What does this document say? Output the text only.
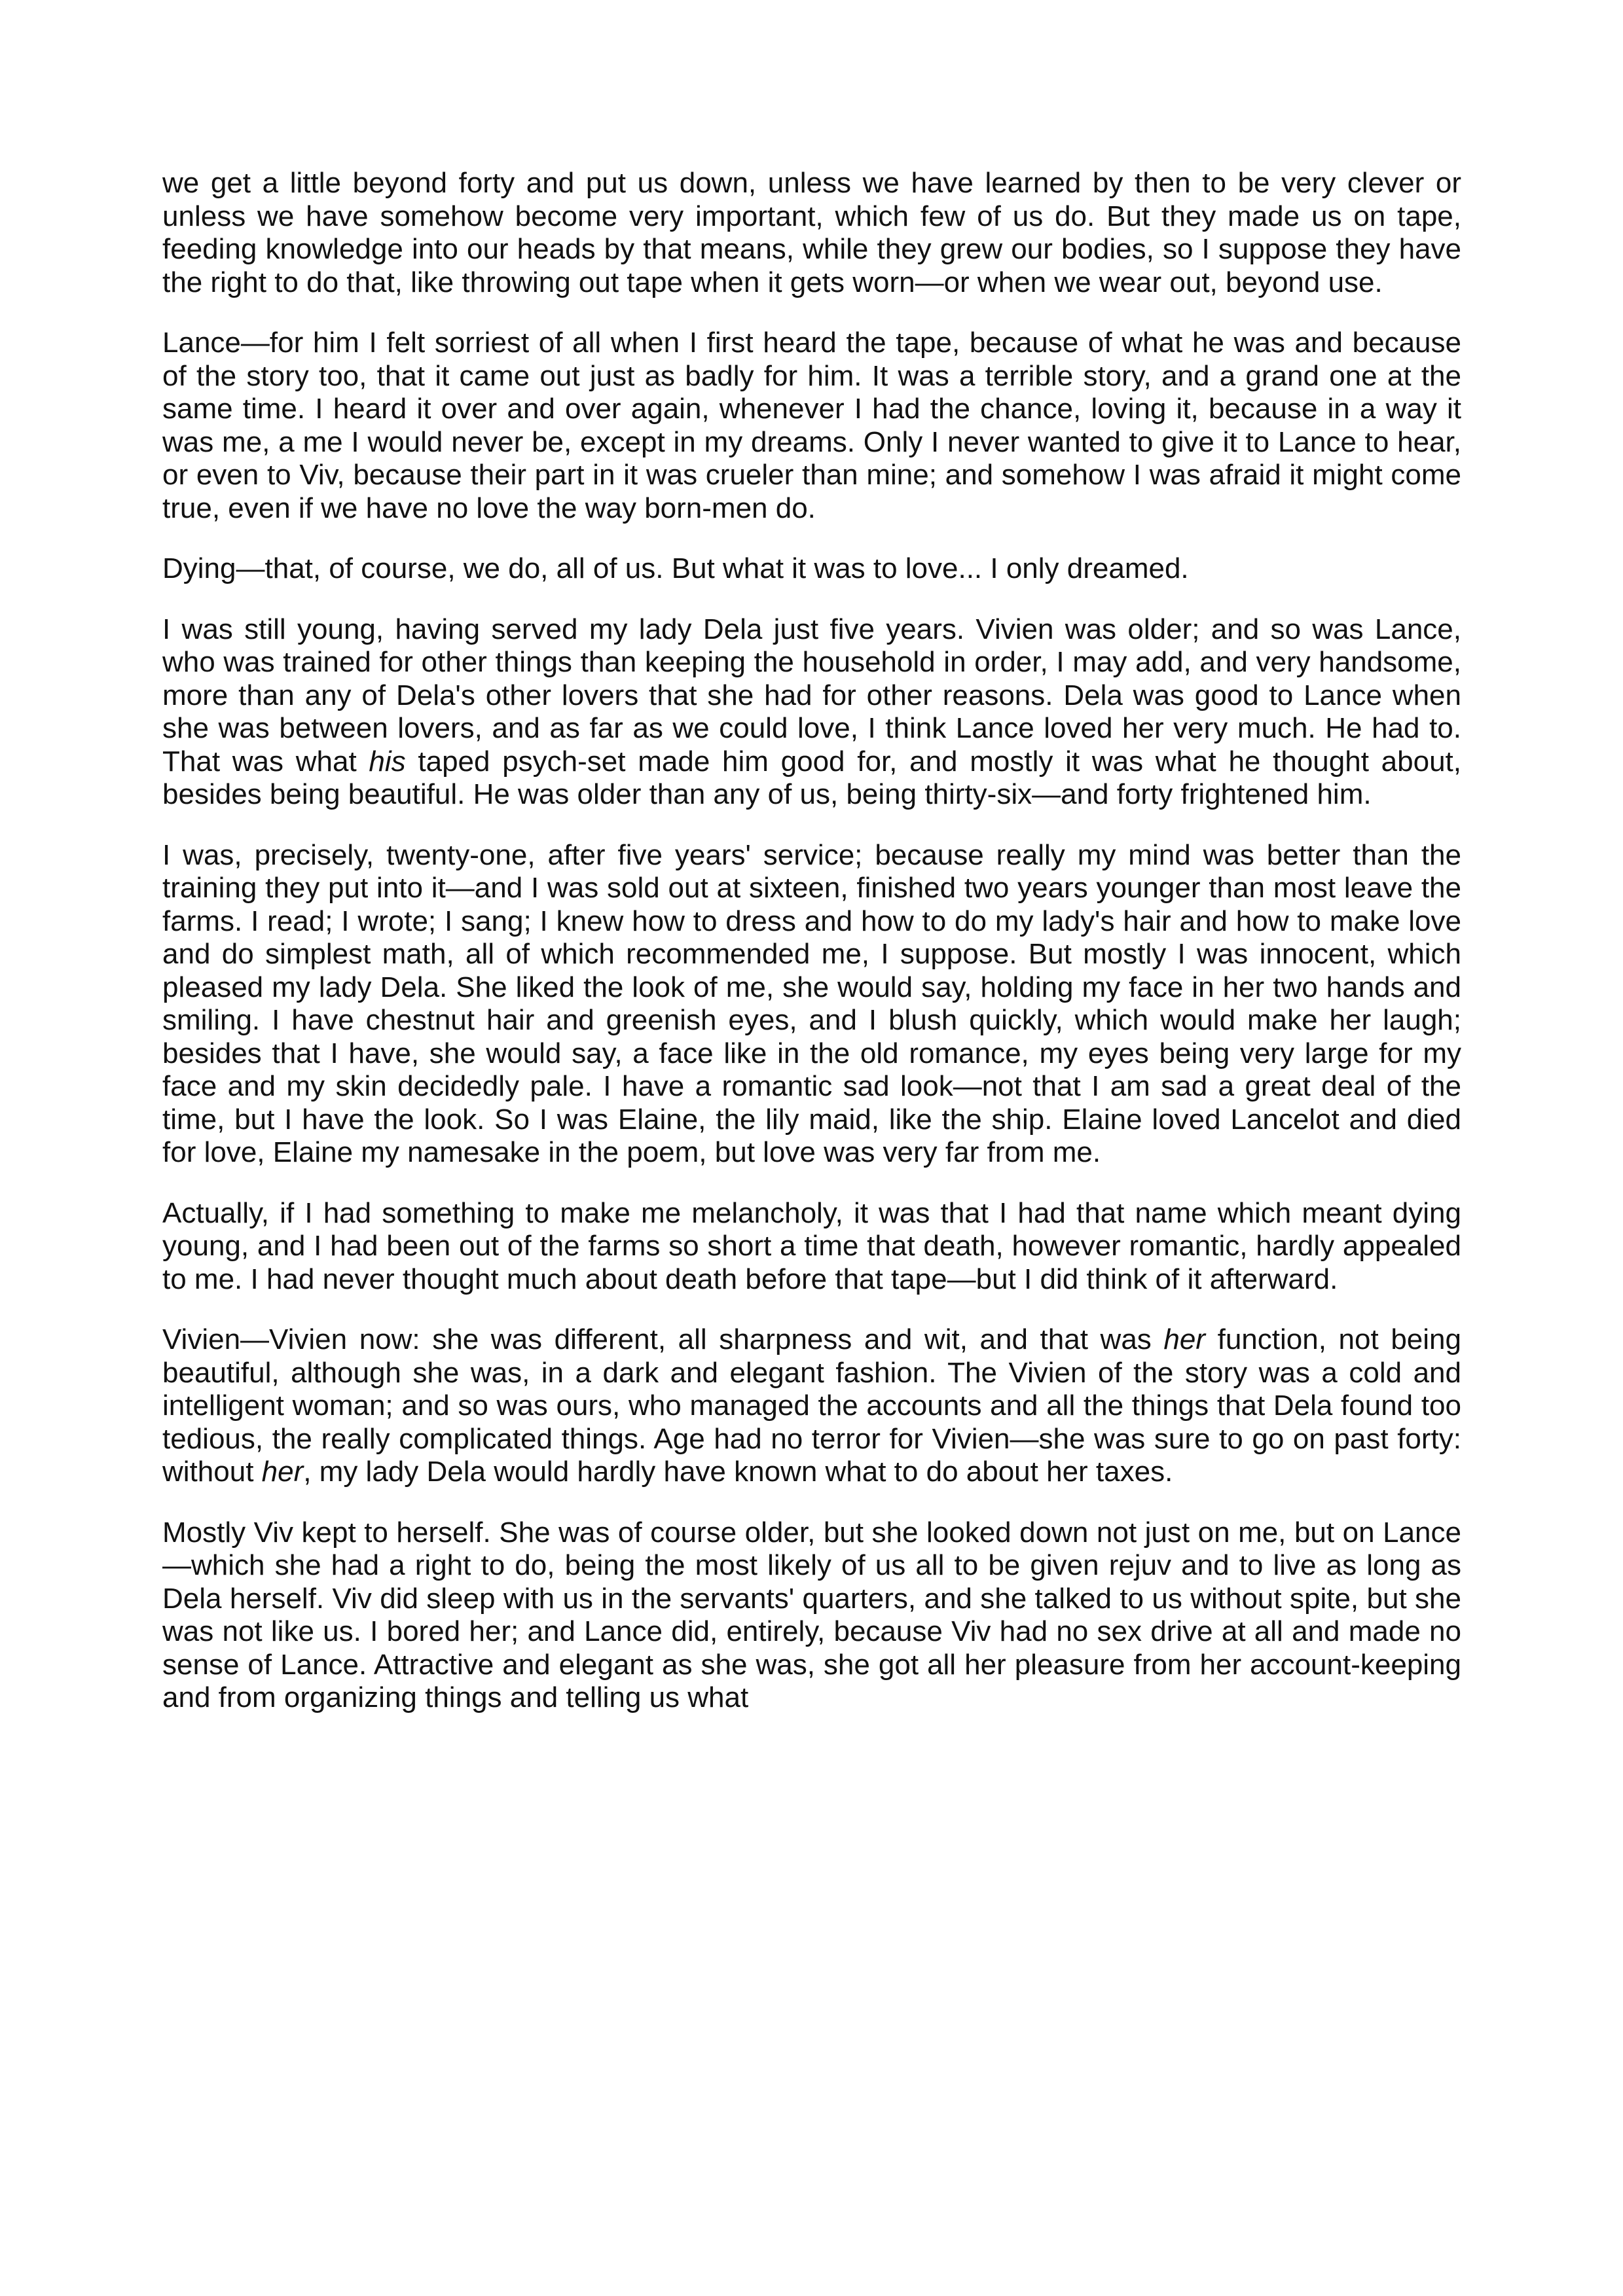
we get a little beyond forty and put us down, unless we have learned by then to be very clever or unless we have somehow become very important, which few of us do. But they made us on tape, feeding knowledge into our heads by that means, while they grew our bodies, so I suppose they have the right to do that, like throwing out tape when it gets worn—or when we wear out, beyond use.

Lance—for him I felt sorriest of all when I first heard the tape, because of what he was and because of the story too, that it came out just as badly for him. It was a terrible story, and a grand one at the same time. I heard it over and over again, whenever I had the chance, loving it, because in a way it was me, a me I would never be, except in my dreams. Only I never wanted to give it to Lance to hear, or even to Viv, because their part in it was crueler than mine; and somehow I was afraid it might come true, even if we have no love the way born-men do.

Dying—that, of course, we do, all of us. But what it was to love... I only dreamed.

I was still young, having served my lady Dela just five years. Vivien was older; and so was Lance, who was trained for other things than keeping the household in order, I may add, and very handsome, more than any of Dela's other lovers that she had for other reasons. Dela was good to Lance when she was between lovers, and as far as we could love, I think Lance loved her very much. He had to. That was what his taped psych-set made him good for, and mostly it was what he thought about, besides being beautiful. He was older than any of us, being thirty-six—and forty frightened him.

I was, precisely, twenty-one, after five years' service; because really my mind was better than the training they put into it—and I was sold out at sixteen, finished two years younger than most leave the farms. I read; I wrote; I sang; I knew how to dress and how to do my lady's hair and how to make love and do simplest math, all of which recommended me, I suppose. But mostly I was innocent, which pleased my lady Dela. She liked the look of me, she would say, holding my face in her two hands and smiling. I have chestnut hair and greenish eyes, and I blush quickly, which would make her laugh; besides that I have, she would say, a face like in the old romance, my eyes being very large for my face and my skin decidedly pale. I have a romantic sad look—not that I am sad a great deal of the time, but I have the look. So I was Elaine, the lily maid, like the ship. Elaine loved Lancelot and died for love, Elaine my namesake in the poem, but love was very far from me.

Actually, if I had something to make me melancholy, it was that I had that name which meant dying young, and I had been out of the farms so short a time that death, however romantic, hardly appealed to me. I had never thought much about death before that tape—but I did think of it afterward.

Vivien—Vivien now: she was different, all sharpness and wit, and that was her function, not being beautiful, although she was, in a dark and elegant fashion. The Vivien of the story was a cold and intelligent woman; and so was ours, who managed the accounts and all the things that Dela found too tedious, the really complicated things. Age had no terror for Vivien—she was sure to go on past forty: without her, my lady Dela would hardly have known what to do about her taxes.

Mostly Viv kept to herself. She was of course older, but she looked down not just on me, but on Lance—which she had a right to do, being the most likely of us all to be given rejuv and to live as long as Dela herself. Viv did sleep with us in the servants' quarters, and she talked to us without spite, but she was not like us. I bored her; and Lance did, entirely, because Viv had no sex drive at all and made no sense of Lance. Attractive and elegant as she was, she got all her pleasure from her account-keeping and from organizing things and telling us what
